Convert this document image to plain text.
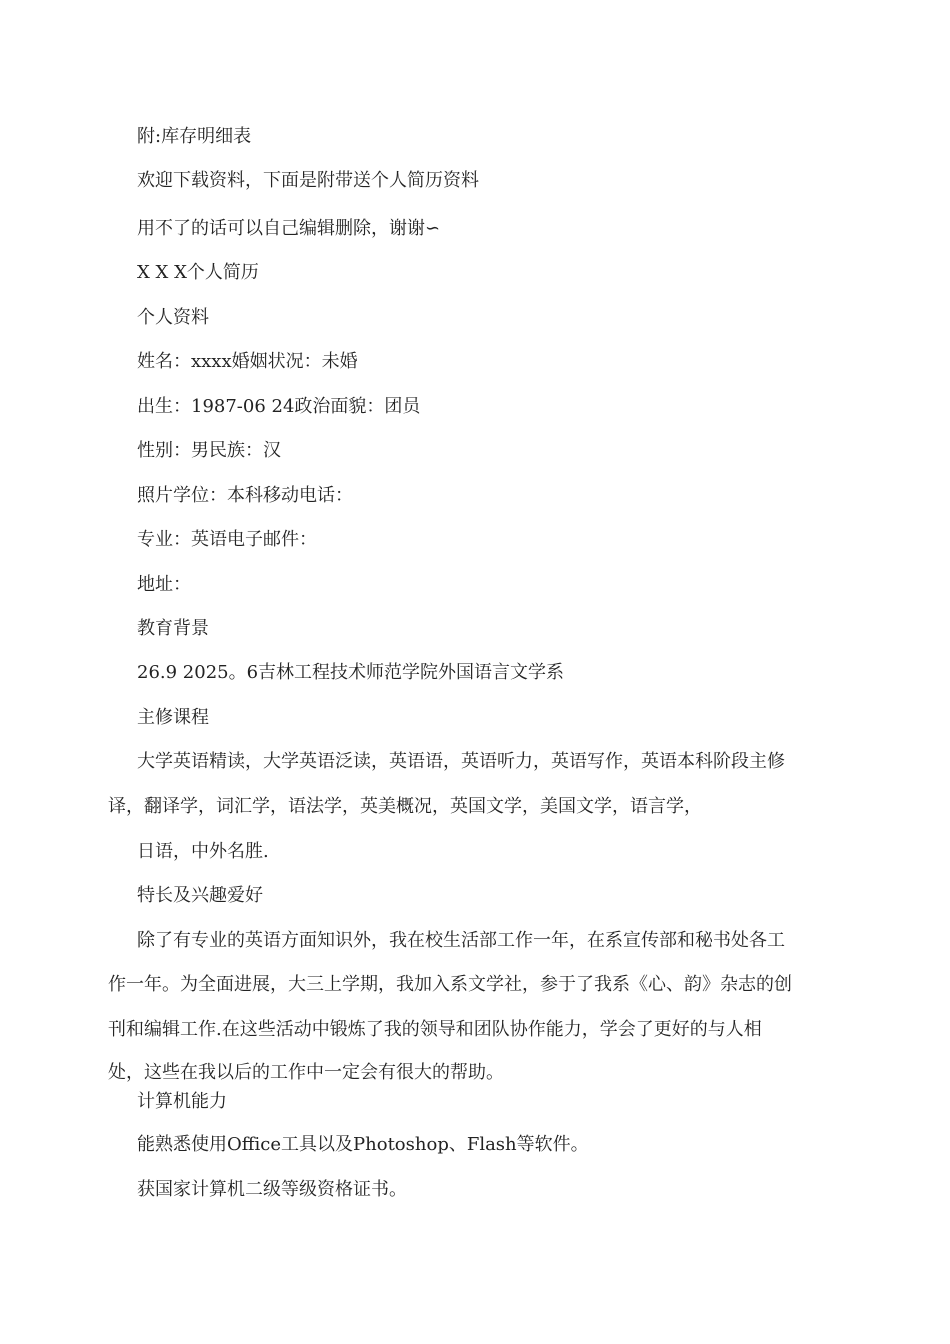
附:库存明细表
欢迎下载资料，下面是附带送个人简历资料
用不了的话可以自己编辑删除，谢谢∽
X X X个人简历
个人资料
姓名：xxxx婚姻状况：未婚
出生：1987-06 24政治面貌：团员
性别：男民族：汉
照片学位：本科移动电话：
专业：英语电子邮件：
地址：
教育背景
26.9 2025。6吉林工程技术师范学院外国语言文学系
主修课程
大学英语精读，大学英语泛读，英语语，英语听力，英语写作，英语本科阶段主修
译，翻译学，词汇学，语法学，英美概况，英国文学，美国文学，语言学，
日语，中外名胜.
特长及兴趣爱好
除了有专业的英语方面知识外，我在校生活部工作一年，在系宣传部和秘书处各工
作一年。为全面进展，大三上学期，我加入系文学社，参于了我系《心、韵》杂志的创
刊和编辑工作.在这些活动中锻炼了我的领导和团队协作能力，学会了更好的与人相
处，这些在我以后的工作中一定会有很大的帮助。
计算机能力
能熟悉使用Office工具以及Photoshop、Flash等软件。
获国家计算机二级等级资格证书。
